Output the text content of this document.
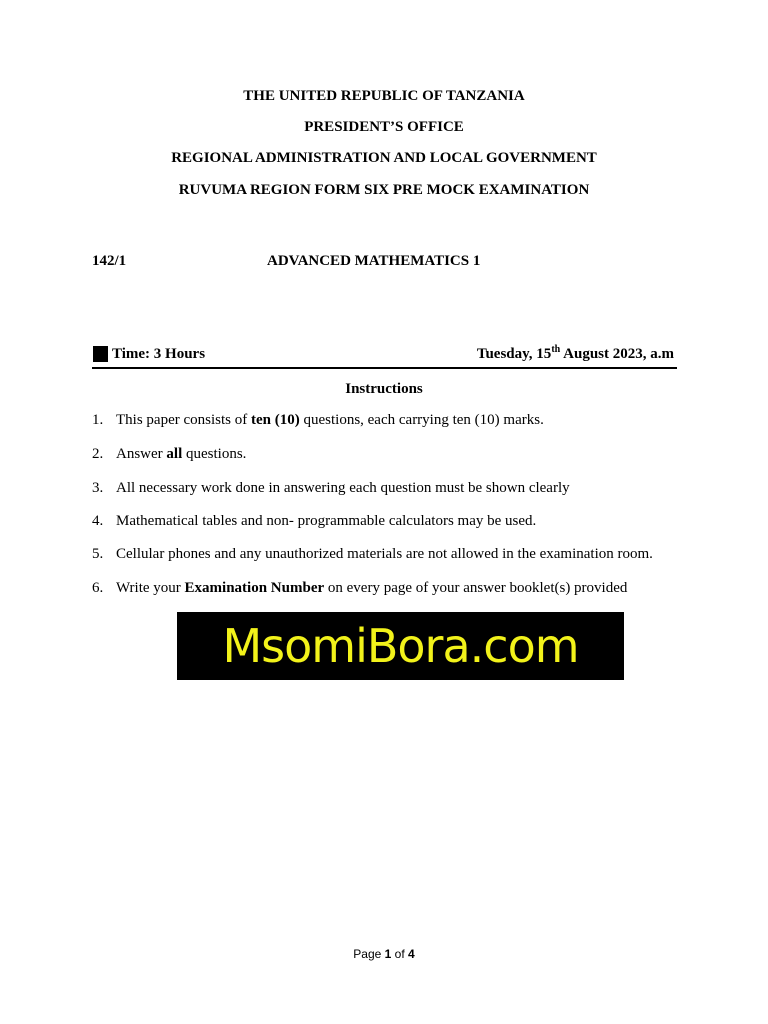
THE UNITED REPUBLIC OF TANZANIA
PRESIDENT’S OFFICE
REGIONAL ADMINISTRATION AND LOCAL GOVERNMENT
RUVUMA REGION FORM SIX PRE MOCK EXAMINATION
142/1	ADVANCED MATHEMATICS 1
Time: 3 Hours	Tuesday, 15th August 2023, a.m
Instructions
1. This paper consists of ten (10) questions, each carrying ten (10) marks.
2. Answer all questions.
3. All necessary work done in answering each question must be shown clearly
4. Mathematical tables and non- programmable calculators may be used.
5. Cellular phones and any unauthorized materials are not allowed in the examination room.
6. Write your Examination Number on every page of your answer booklet(s) provided
MsomiBora.com
Page 1 of 4
